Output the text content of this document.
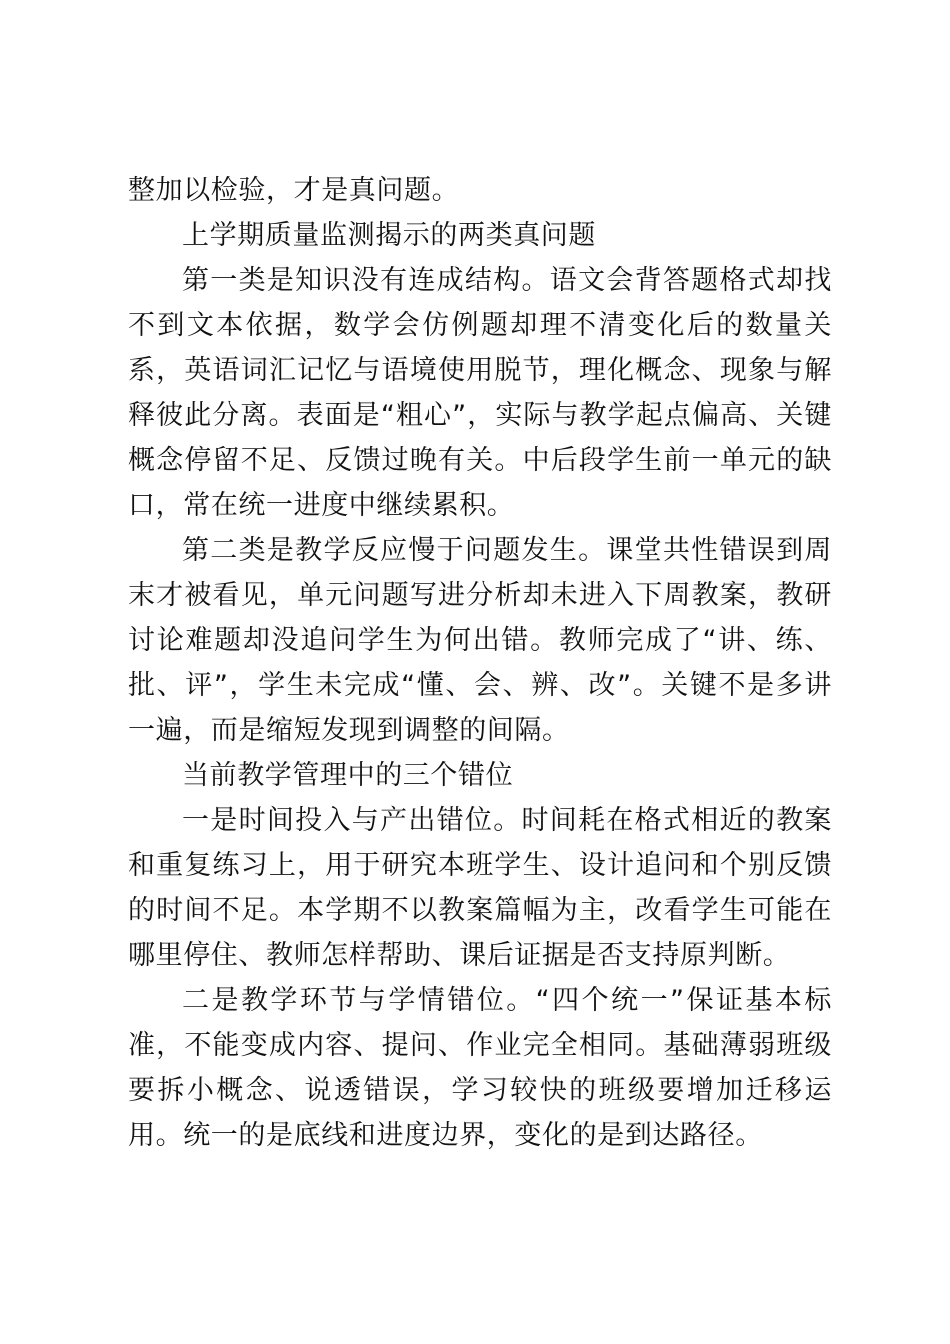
整加以检验，才是真问题。

上学期质量监测揭示的两类真问题

第一类是知识没有连成结构。语文会背答题格式却找不到文本依据，数学会仿例题却理不清变化后的数量关系，英语词汇记忆与语境使用脱节，理化概念、现象与解释彼此分离。表面是“粗心”，实际与教学起点偏高、关键概念停留不足、反馈过晚有关。中后段学生前一单元的缺口，常在统一进度中继续累积。

第二类是教学反应慢于问题发生。课堂共性错误到周末才被看见，单元问题写进分析却未进入下周教案，教研讨论难题却没追问学生为何出错。教师完成了“讲、练、批、评”，学生未完成“懂、会、辨、改”。关键不是多讲一遍，而是缩短发现到调整的间隔。

当前教学管理中的三个错位

一是时间投入与产出错位。时间耗在格式相近的教案和重复练习上，用于研究本班学生、设计追问和个别反馈的时间不足。本学期不以教案篇幅为主，改看学生可能在哪里停住、教师怎样帮助、课后证据是否支持原判断。

二是教学环节与学情错位。“四个统一”保证基本标准，不能变成内容、提问、作业完全相同。基础薄弱班级要拆小概念、说透错误，学习较快的班级要增加迁移运用。统一的是底线和进度边界，变化的是到达路径。
